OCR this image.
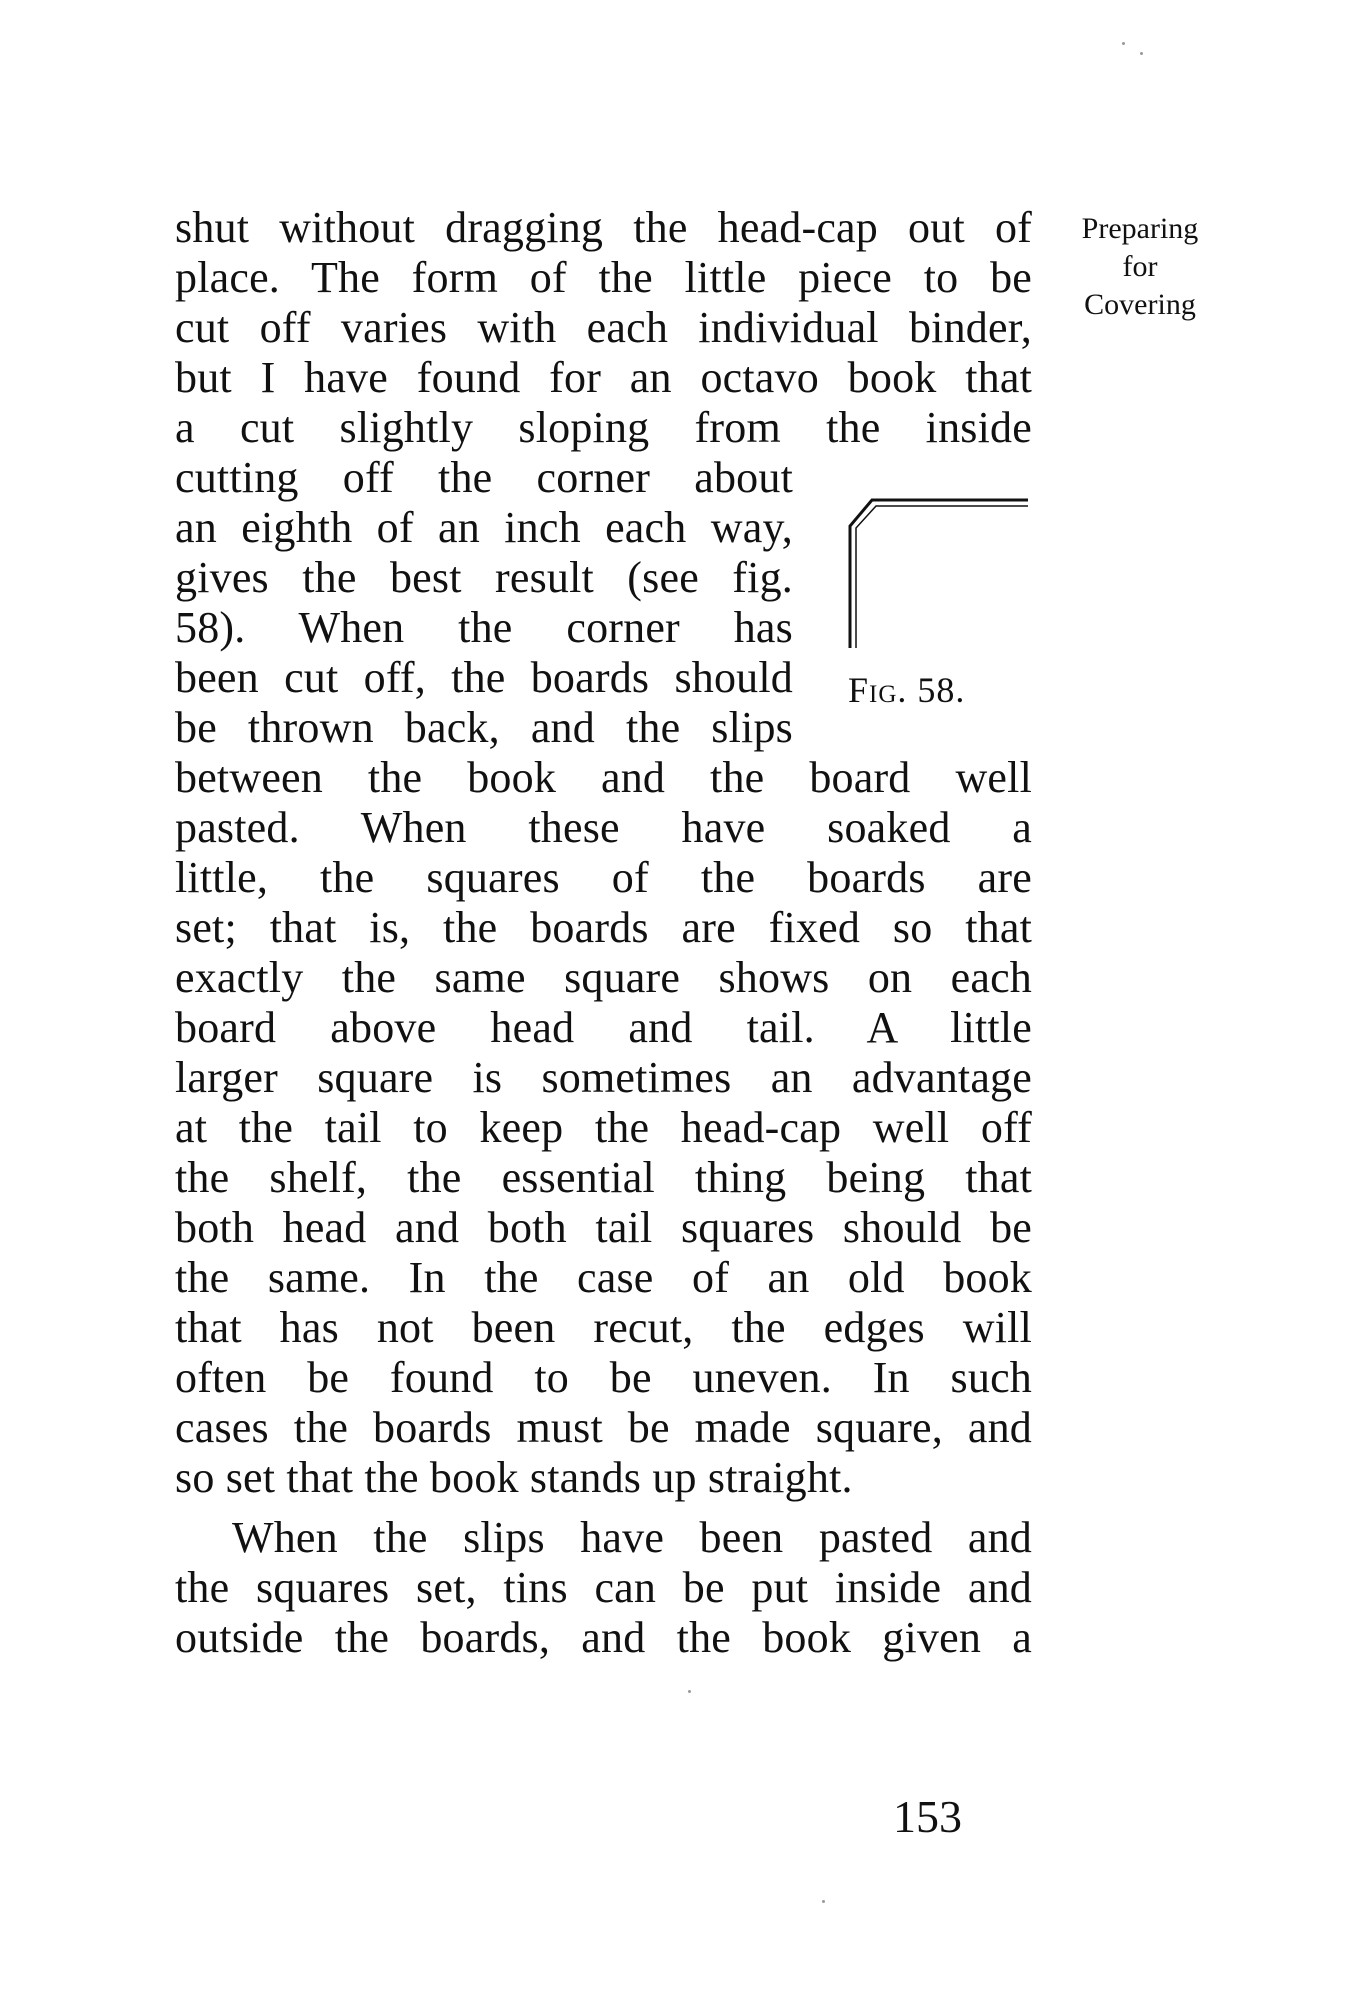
shut without dragging the head-cap out of
place. The form of the little piece to be
cut off varies with each individual binder,
but I have found for an octavo book that
a cut slightly sloping from the inside
cutting off the corner about
an eighth of an inch each way,
gives the best result (see fig.
58). When the corner has
been cut off, the boards should
be thrown back, and the slips
between the book and the board well
pasted. When these have soaked a
little, the squares of the boards are
set; that is, the boards are fixed so that
exactly the same square shows on each
board above head and tail. A little
larger square is sometimes an advantage
at the tail to keep the head-cap well off
the shelf, the essential thing being that
both head and both tail squares should be
the same. In the case of an old book
that has not been recut, the edges will
often be found to be uneven. In such
cases the boards must be made square, and
so set that the book stands up straight.
When the slips have been pasted and
the squares set, tins can be put inside and
outside the boards, and the book given a
Preparing
for
Covering
Fig. 58.
153
